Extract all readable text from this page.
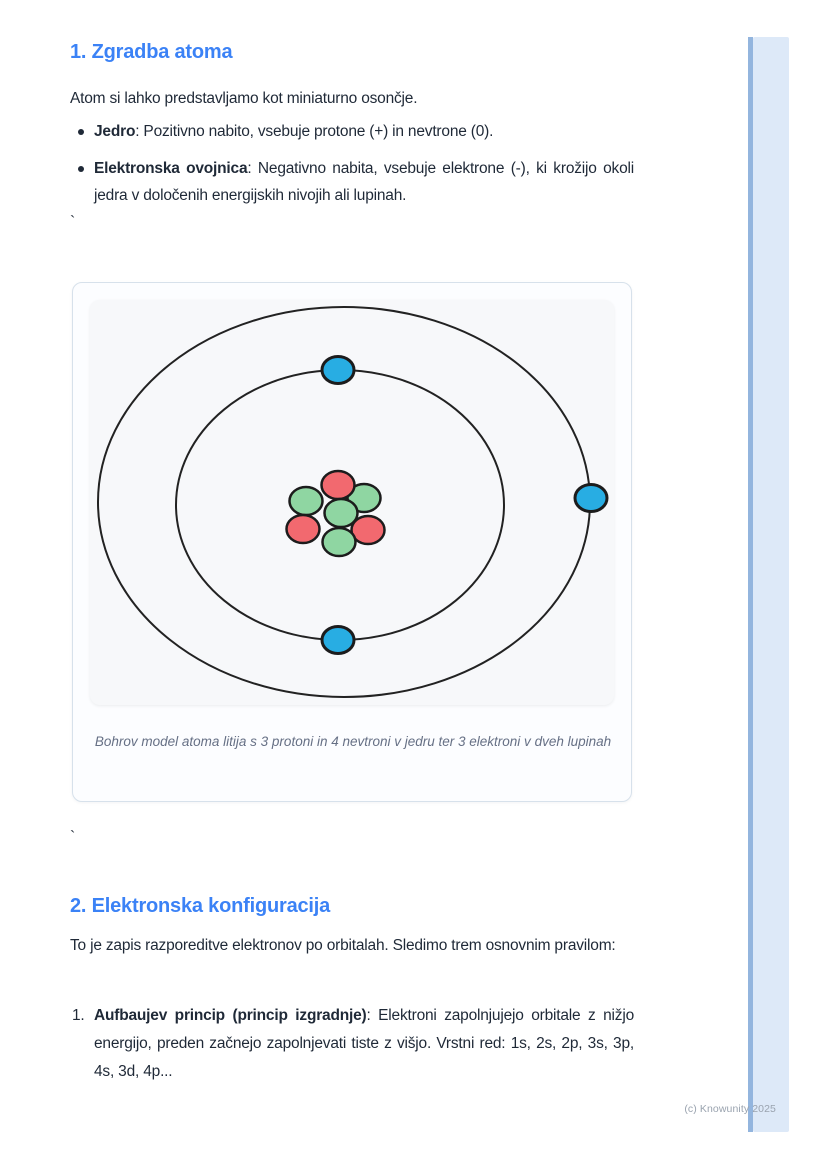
1. Zgradba atoma

Atom si lahko predstavljamo kot miniaturno osončje.

Jedro: Pozitivno nabito, vsebuje protone (+) in nevtrone (0).
Elektronska ovojnica: Negativno nabita, vsebuje elektrone (-), ki krožijo okoli jedra v določenih energijskih nivojih ali lupinah.
`
`
2. Elektronska konfiguracija

To je zapis razporeditve elektronov po orbitalah. Sledimo trem osnovnim pravilom:

1. Aufbaujev princip (princip izgradnje): Elektroni zapolnjujejo orbitale z nižjo energijo, preden začnejo zapolnjevati tiste z višjo. Vrstni red: 1s, 2s, 2p, 3s, 3p, 4s, 3d, 4p...
Bohrov model atoma litija s 3 protoni in 4 nevtroni v jedru ter 3 elektroni v dveh lupinah
(c) Knowunity 2025
